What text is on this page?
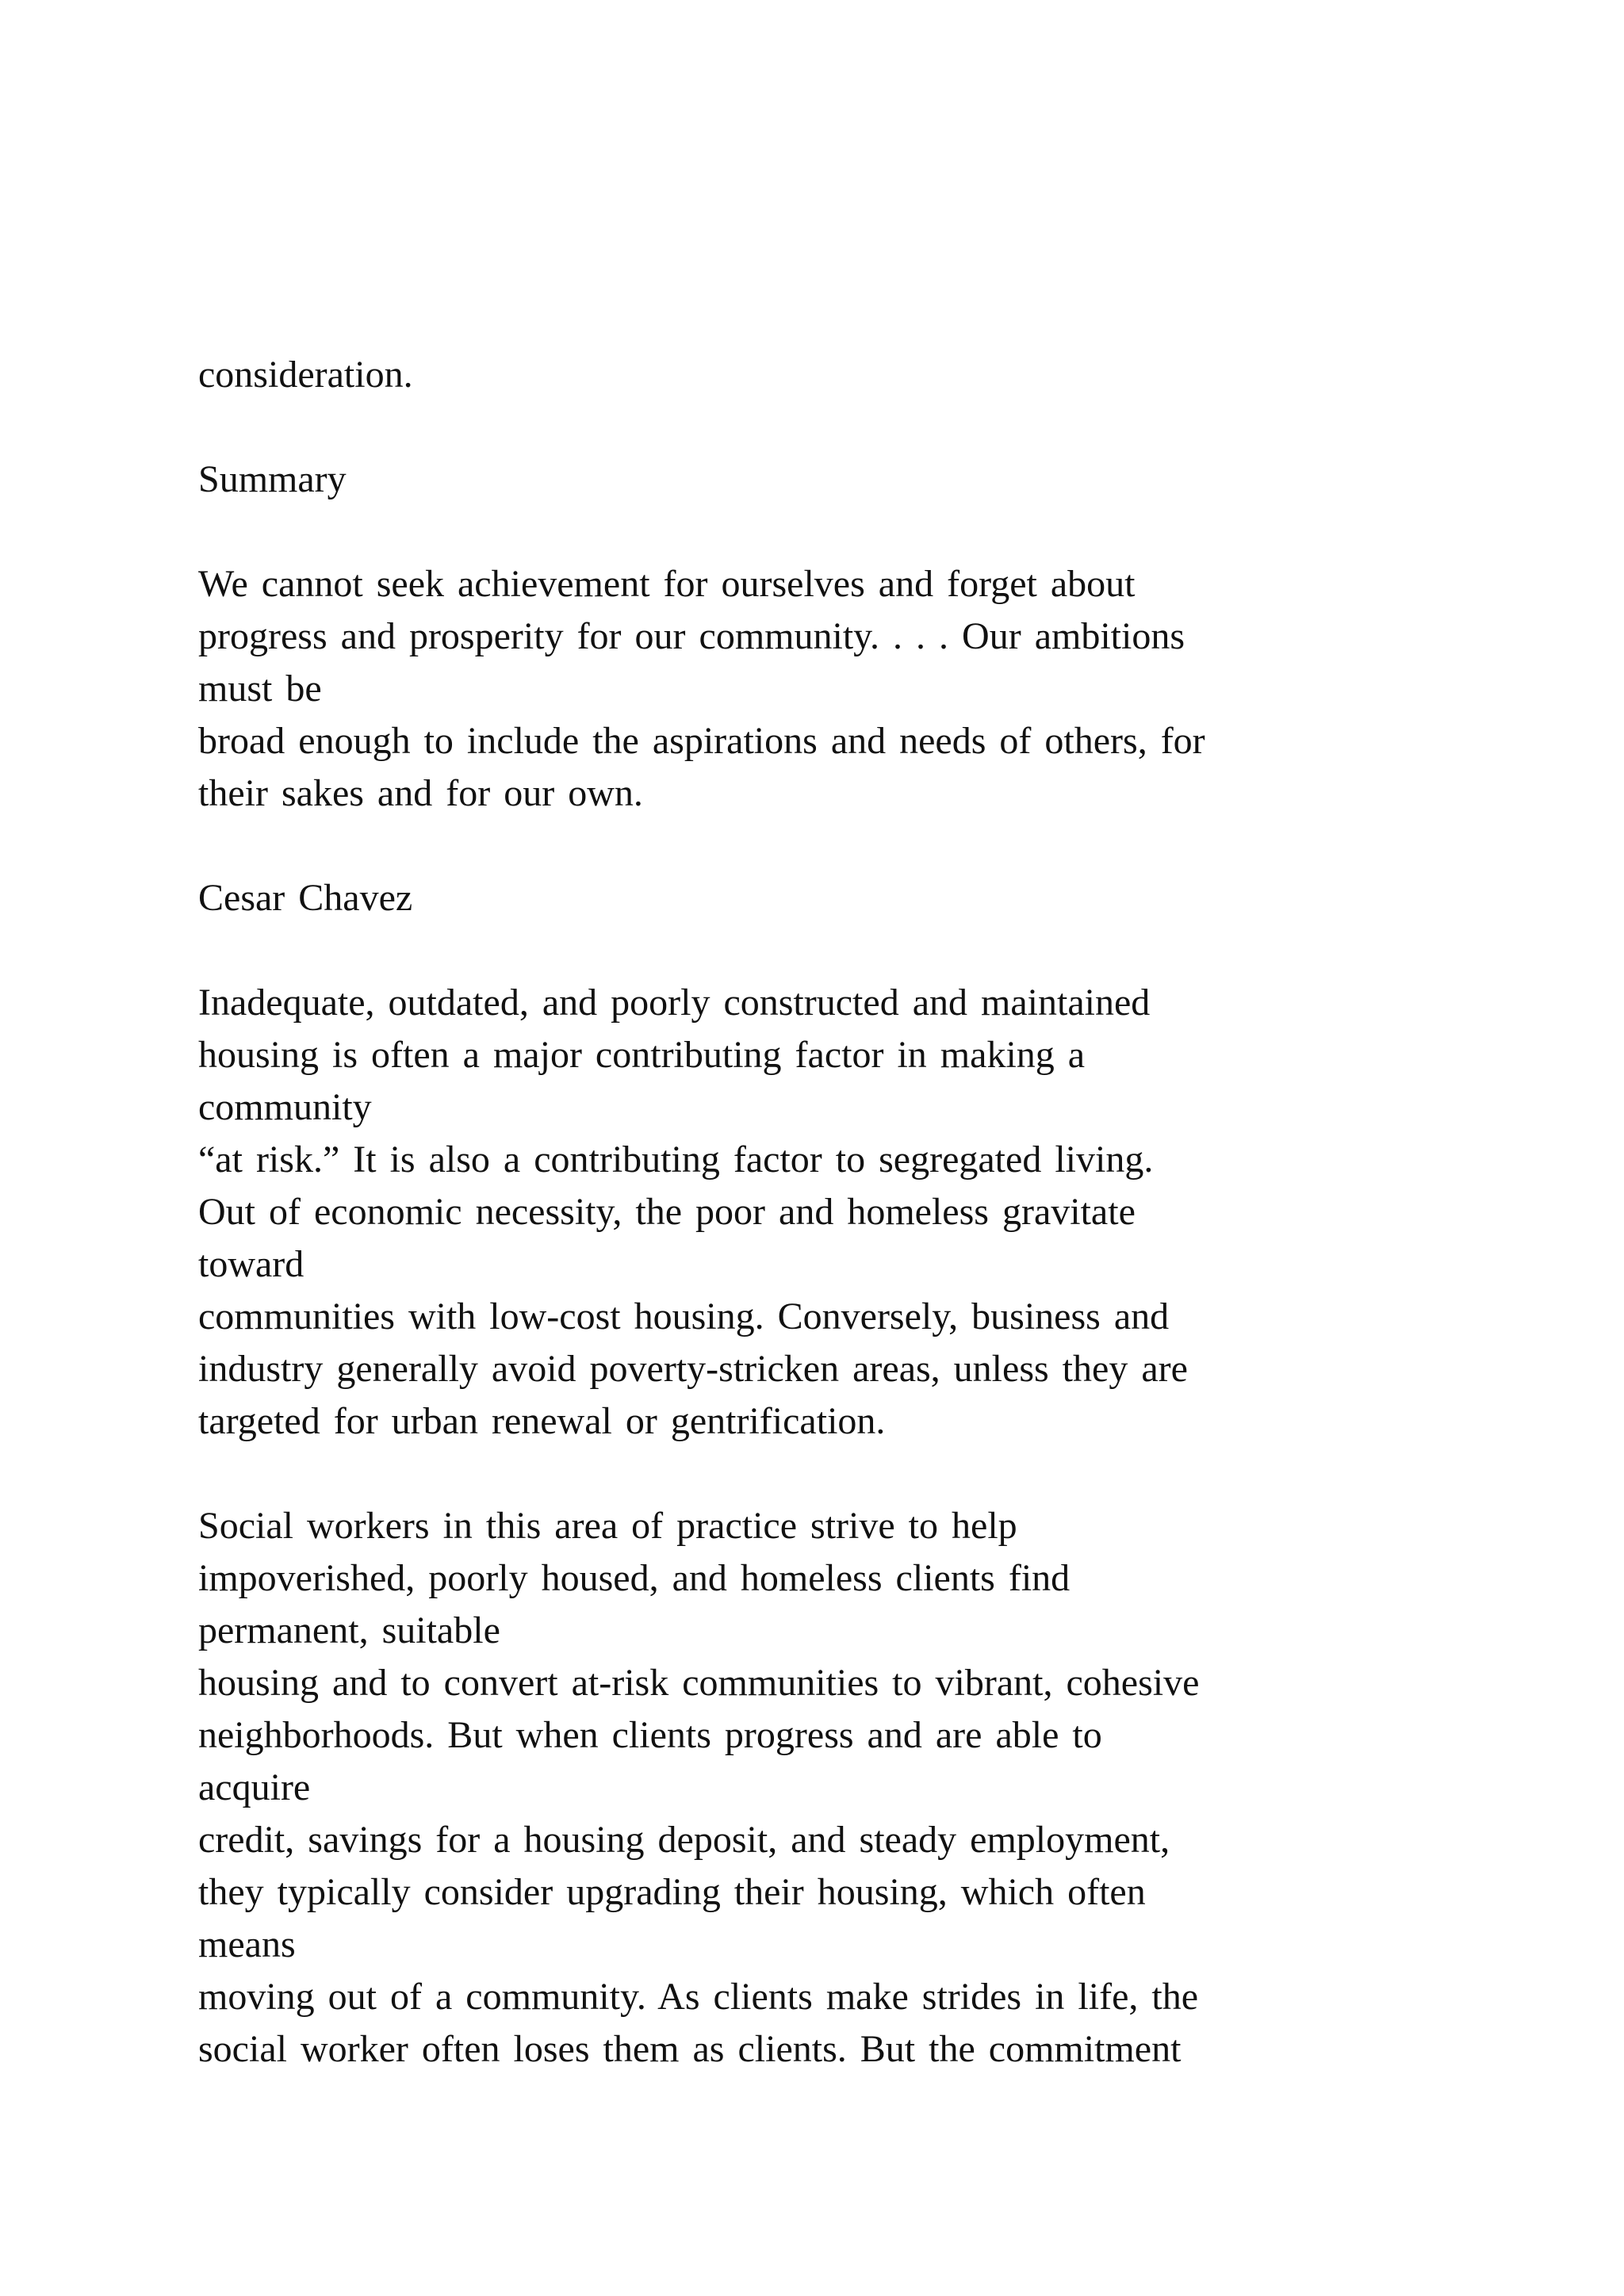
consideration.
Summary
We cannot seek achievement for ourselves and forget about
progress and prosperity for our community. . . . Our ambitions
must be
broad enough to include the aspirations and needs of others, for
their sakes and for our own.
Cesar Chavez
Inadequate, outdated, and poorly constructed and maintained
housing is often a major contributing factor in making a
community
“at risk.” It is also a contributing factor to segregated living.
Out of economic necessity, the poor and homeless gravitate
toward
communities with low-cost housing. Conversely, business and
industry generally avoid poverty-stricken areas, unless they are
targeted for urban renewal or gentrification.
Social workers in this area of practice strive to help
impoverished, poorly housed, and homeless clients find
permanent, suitable
housing and to convert at-risk communities to vibrant, cohesive
neighborhoods. But when clients progress and are able to
acquire
credit, savings for a housing deposit, and steady employment,
they typically consider upgrading their housing, which often
means
moving out of a community. As clients make strides in life, the
social worker often loses them as clients. But the commitment
